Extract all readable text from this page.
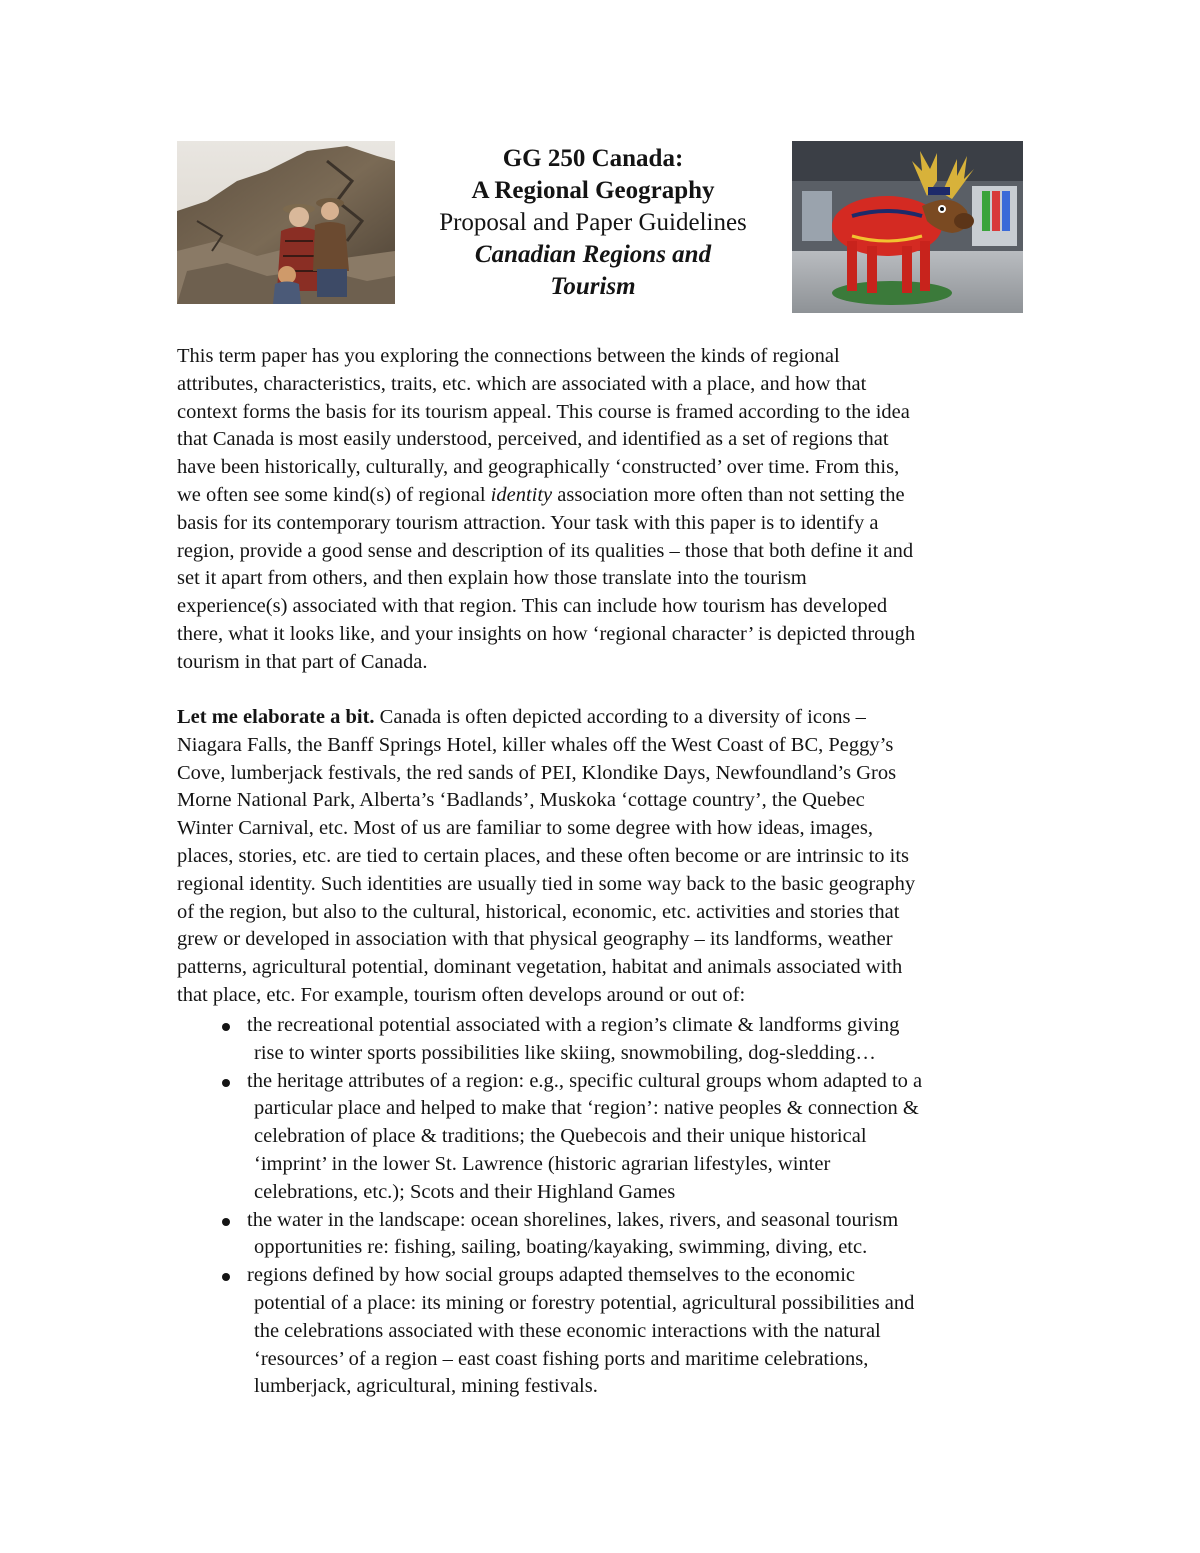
GG 250 Canada:
A Regional Geography
Proposal and Paper Guidelines
Canadian Regions and
Tourism
This term paper has you exploring the connections between the kinds of regional
attributes, characteristics, traits, etc. which are associated with a place, and how that
context forms the basis for its tourism appeal. This course is framed according to the idea
that Canada is most easily understood, perceived, and identified as a set of regions that
have been historically, culturally, and geographically ‘constructed’ over time. From this,
we often see some kind(s) of regional identity association more often than not setting the
basis for its contemporary tourism attraction. Your task with this paper is to identify a
region, provide a good sense and description of its qualities – those that both define it and
set it apart from others, and then explain how those translate into the tourism
experience(s) associated with that region. This can include how tourism has developed
there, what it looks like, and your insights on how ‘regional character’ is depicted through
tourism in that part of Canada.
Let me elaborate a bit. Canada is often depicted according to a diversity of icons –
Niagara Falls, the Banff Springs Hotel, killer whales off the West Coast of BC, Peggy’s
Cove, lumberjack festivals, the red sands of PEI, Klondike Days, Newfoundland’s Gros
Morne National Park, Alberta’s ‘Badlands’, Muskoka ‘cottage country’, the Quebec
Winter Carnival, etc. Most of us are familiar to some degree with how ideas, images,
places, stories, etc. are tied to certain places, and these often become or are intrinsic to its
regional identity. Such identities are usually tied in some way back to the basic geography
of the region, but also to the cultural, historical, economic, etc. activities and stories that
grew or developed in association with that physical geography – its landforms, weather
patterns, agricultural potential, dominant vegetation, habitat and animals associated with
that place, etc. For example, tourism often develops around or out of:
the recreational potential associated with a region’s climate & landforms giving
rise to winter sports possibilities like skiing, snowmobiling, dog-sledding…
the heritage attributes of a region: e.g., specific cultural groups whom adapted to a
particular place and helped to make that ‘region’: native peoples & connection &
celebration of place & traditions; the Quebecois and their unique historical
‘imprint’ in the lower St. Lawrence (historic agrarian lifestyles, winter
celebrations, etc.); Scots and their Highland Games
the water in the landscape: ocean shorelines, lakes, rivers, and seasonal tourism
opportunities re: fishing, sailing, boating/kayaking, swimming, diving, etc.
regions defined by how social groups adapted themselves to the economic
potential of a place: its mining or forestry potential, agricultural possibilities and
the celebrations associated with these economic interactions with the natural
‘resources’ of a region – east coast fishing ports and maritime celebrations,
lumberjack, agricultural, mining festivals.
